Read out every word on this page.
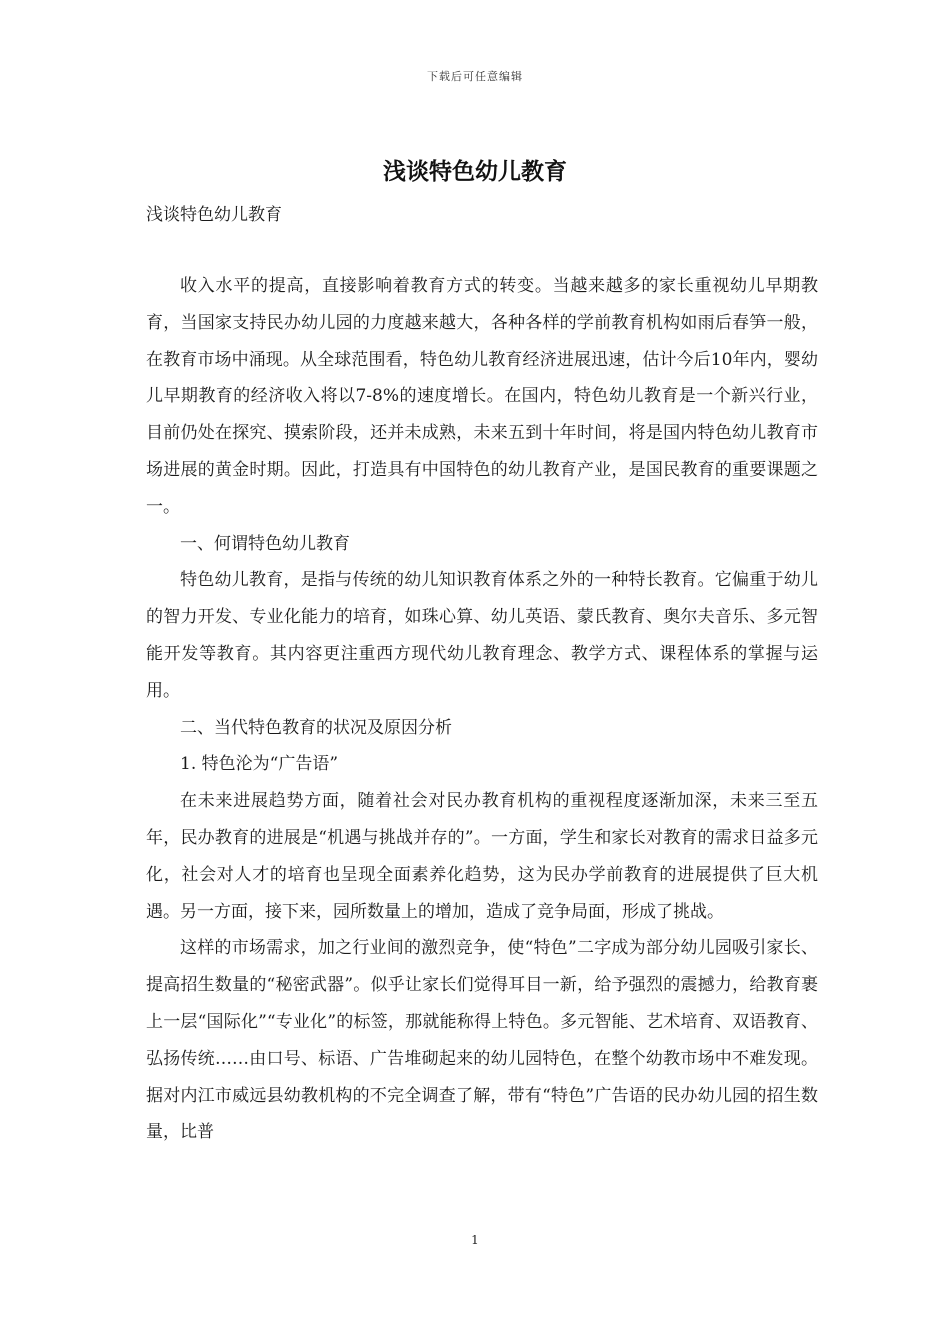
下载后可任意编辑
浅谈特色幼儿教育

浅谈特色幼儿教育

收入水平的提高，直接影响着教育方式的转变。当越来越多的家长重视幼儿早期教育，当国家支持民办幼儿园的力度越来越大，各种各样的学前教育机构如雨后春笋一般，在教育市场中涌现。从全球范围看，特色幼儿教育经济进展迅速，估计今后10年内，婴幼儿早期教育的经济收入将以7-8%的速度增长。在国内，特色幼儿教育是一个新兴行业，目前仍处在探究、摸索阶段，还并未成熟，未来五到十年时间，将是国内特色幼儿教育市场进展的黄金时期。因此，打造具有中国特色的幼儿教育产业，是国民教育的重要课题之一。

一、何谓特色幼儿教育

特色幼儿教育，是指与传统的幼儿知识教育体系之外的一种特长教育。它偏重于幼儿的智力开发、专业化能力的培育，如珠心算、幼儿英语、蒙氏教育、奥尔夫音乐、多元智能开发等教育。其内容更注重西方现代幼儿教育理念、教学方式、课程体系的掌握与运用。

二、当代特色教育的状况及原因分析

1. 特色沦为“广告语”

在未来进展趋势方面，随着社会对民办教育机构的重视程度逐渐加深，未来三至五年，民办教育的进展是“机遇与挑战并存的”。一方面，学生和家长对教育的需求日益多元化，社会对人才的培育也呈现全面素养化趋势，这为民办学前教育的进展提供了巨大机遇。另一方面，接下来，园所数量上的增加，造成了竞争局面，形成了挑战。

这样的市场需求，加之行业间的激烈竞争，使“特色”二字成为部分幼儿园吸引家长、提高招生数量的“秘密武器”。似乎让家长们觉得耳目一新，给予强烈的震撼力，给教育裹上一层“国际化”“专业化”的标签，那就能称得上特色。多元智能、艺术培育、双语教育、弘扬传统……由口号、标语、广告堆砌起来的幼儿园特色，在整个幼教市场中不难发现。据对内江市威远县幼教机构的不完全调查了解，带有“特色”广告语的民办幼儿园的招生数量，比普

1
